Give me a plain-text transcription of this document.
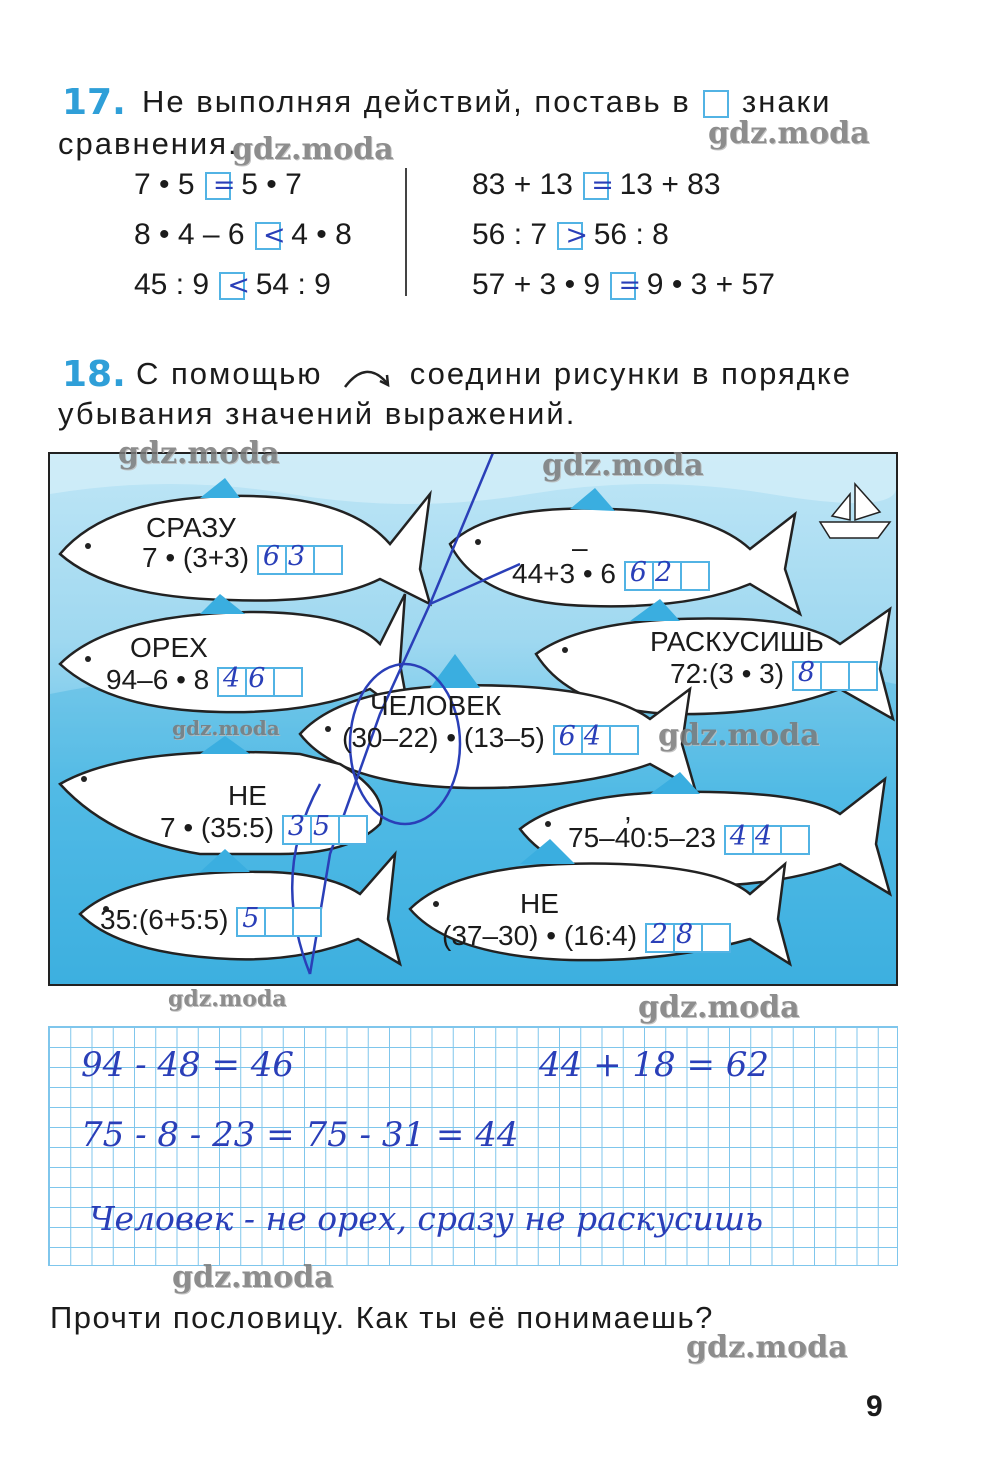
17. Не выполняя действий, поставь в знаки
сравнения.
7 • 5 = 5 • 7
8 • 4 – 6 < 4 • 8
45 : 9 < 54 : 9
83 + 13 = 13 + 83
56 : 7 > 56 : 8
57 + 3 • 9 = 9 • 3 + 57
18. С помощью	соедини рисунки в порядке
убывания значений выражений.
СРАЗУ
7 • (3+3) 63	–
44+3 • 6 62
ОРЕХ
94–6 • 8 46
РАСКУСИШЬ
72:(3 • 3) 8
ЧЕЛОВЕК
(30–22) • (13–5) 64
НЕ
7 • (35:5) 35
,
75–40:5–23 44
35:(6+5:5) 5	НЕ
(37–30) • (16:4) 28
94 - 48 = 46	44 + 18 = 62
75 - 8 - 23 = 75 - 31 = 44
Человек - не орех, сразу не раскусишь
Прочти пословицу. Как ты её понимаешь?
9
gdz.moda	gdz.moda
gdz.moda	gdz.moda
gdz.moda	gdz.moda
gdz.moda	gdz.moda
gdz.moda
gdz.moda
